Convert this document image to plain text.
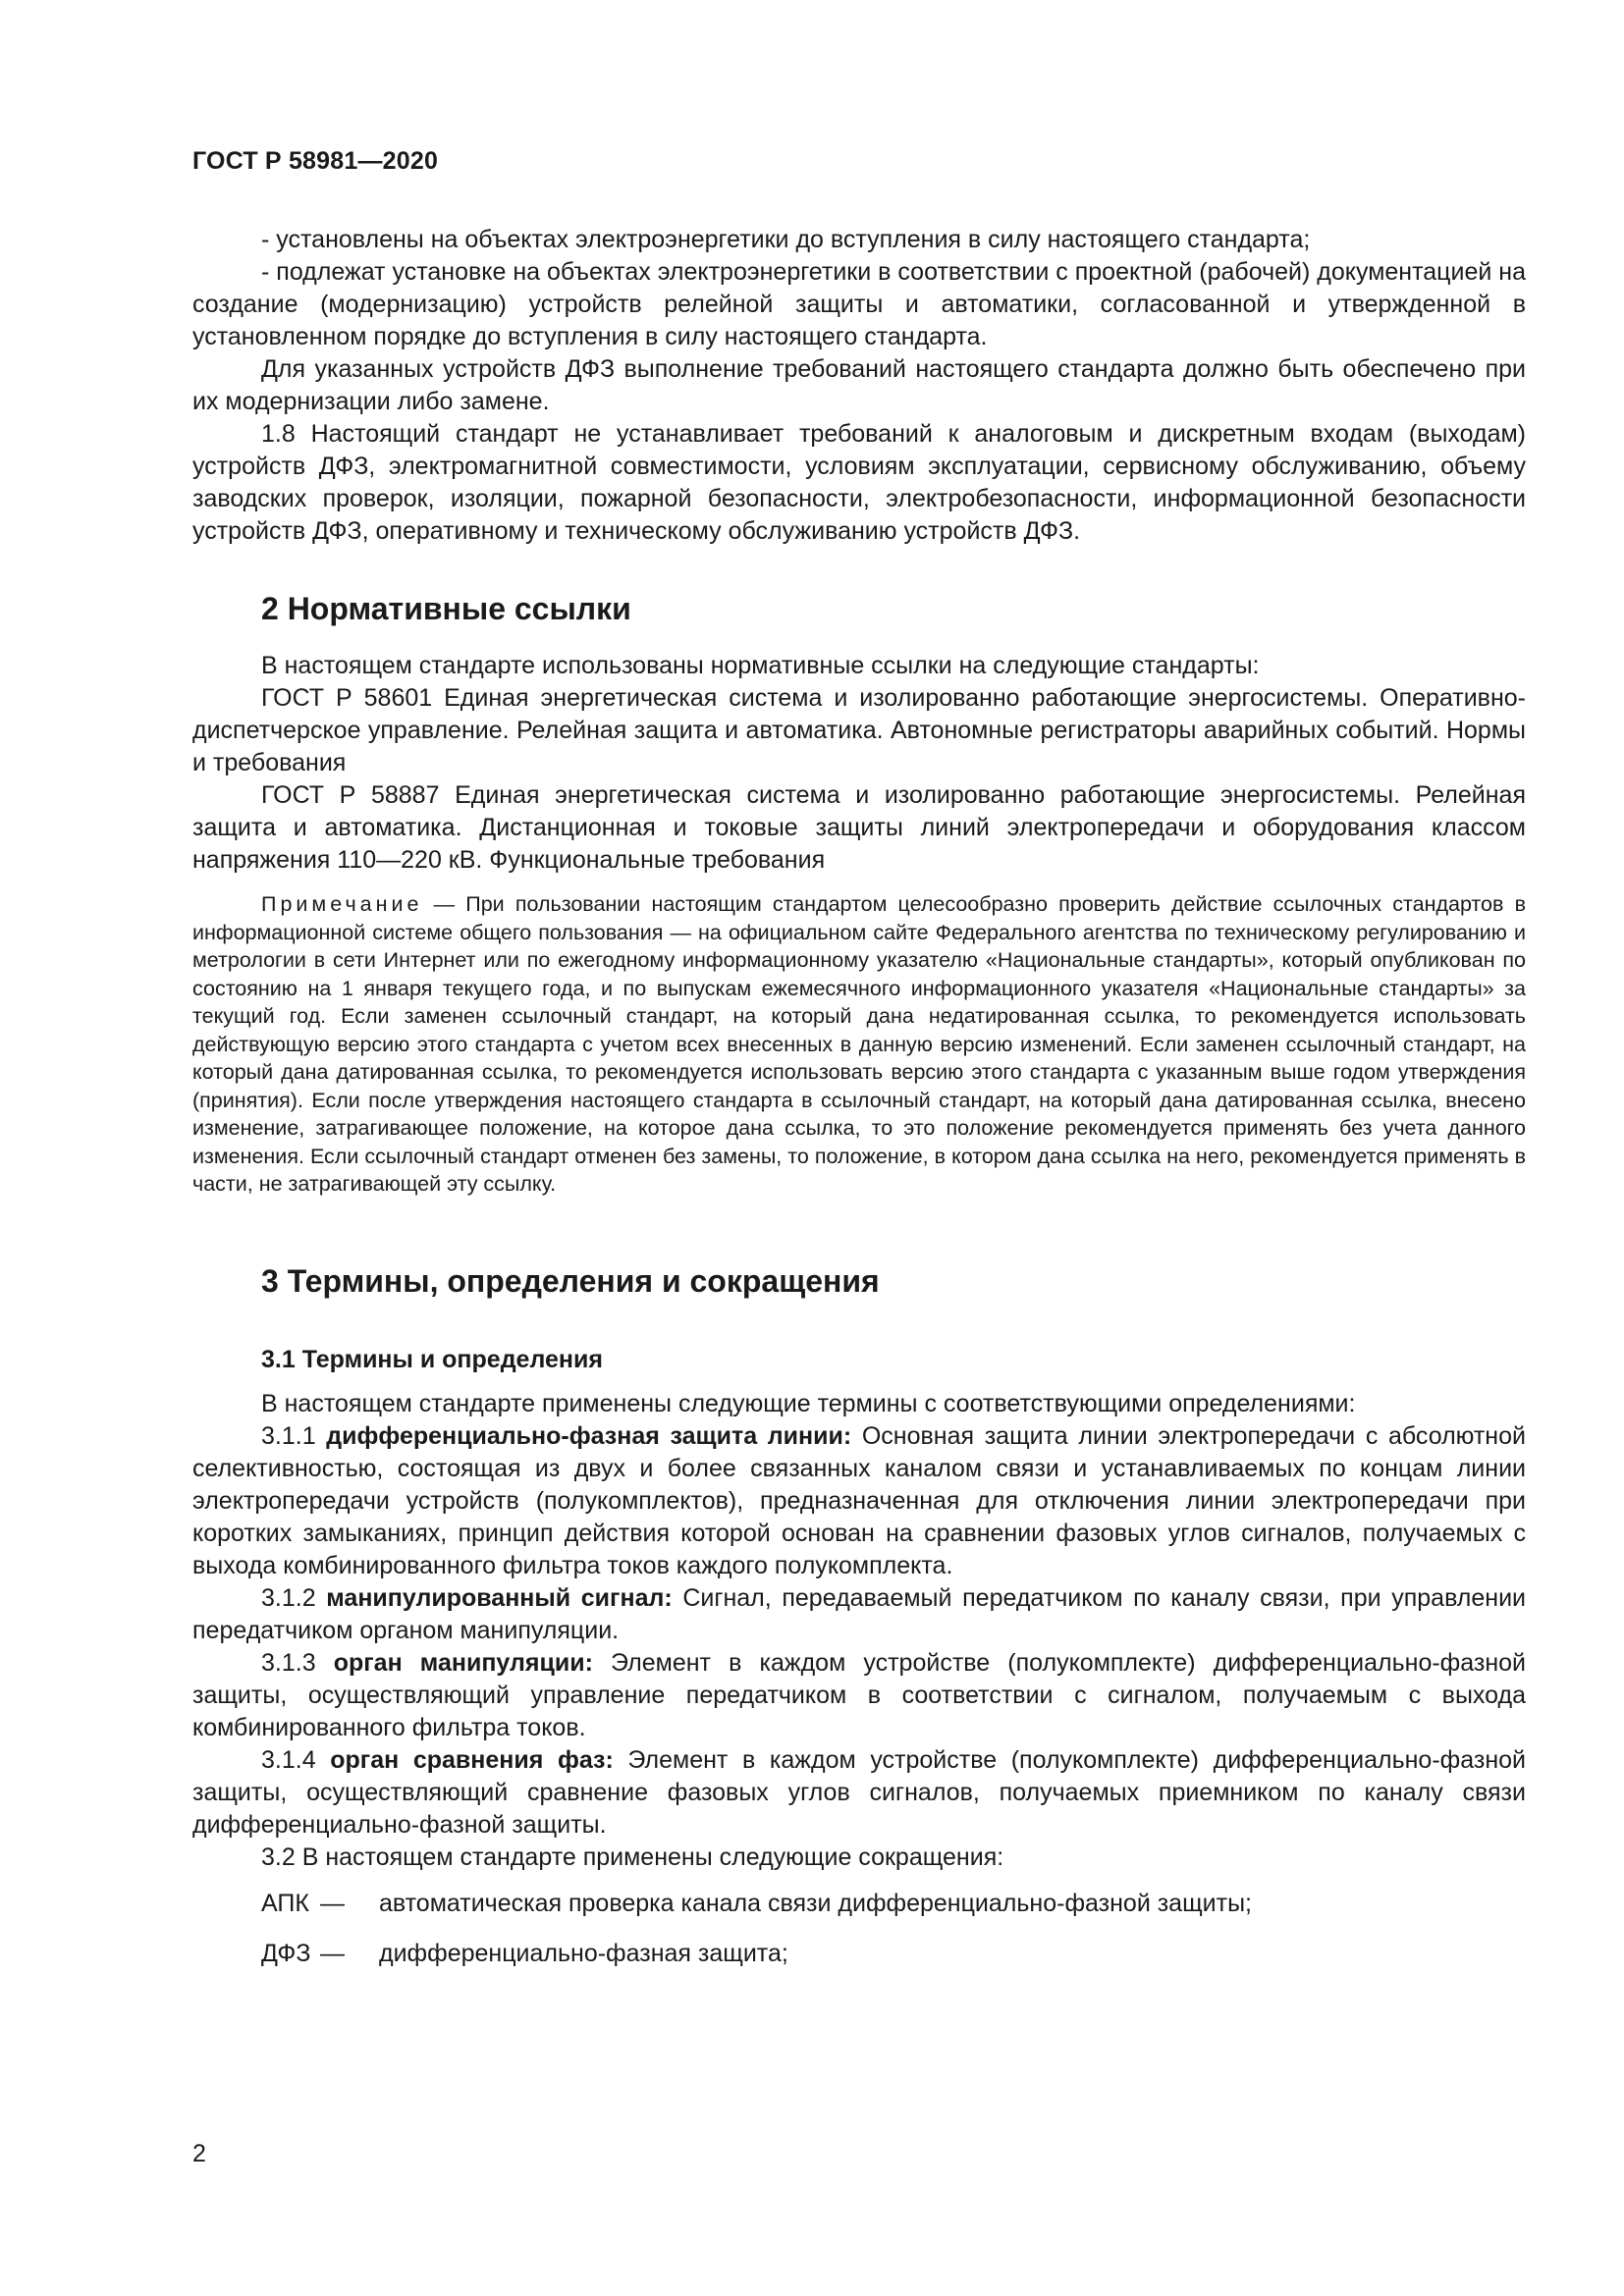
ГОСТ Р 58981—2020

- установлены на объектах электроэнергетики до вступления в силу настоящего стандарта;

- подлежат установке на объектах электроэнергетики в соответствии с проектной (рабочей) документацией на создание (модернизацию) устройств релейной защиты и автоматики, согласованной и утвержденной в установленном порядке до вступления в силу настоящего стандарта.

Для указанных устройств ДФЗ выполнение требований настоящего стандарта должно быть обеспечено при их модернизации либо замене.

1.8 Настоящий стандарт не устанавливает требований к аналоговым и дискретным входам (выходам) устройств ДФЗ, электромагнитной совместимости, условиям эксплуатации, сервисному обслуживанию, объему заводских проверок, изоляции, пожарной безопасности, электробезопасности, информационной безопасности устройств ДФЗ, оперативному и техническому обслуживанию устройств ДФЗ.

2 Нормативные ссылки

В настоящем стандарте использованы нормативные ссылки на следующие стандарты:

ГОСТ Р 58601 Единая энергетическая система и изолированно работающие энергосистемы. Оперативно-диспетчерское управление. Релейная защита и автоматика. Автономные регистраторы аварийных событий. Нормы и требования

ГОСТ Р 58887 Единая энергетическая система и изолированно работающие энергосистемы. Релейная защита и автоматика. Дистанционная и токовые защиты линий электропередачи и оборудования классом напряжения 110—220 кВ. Функциональные требования

Примечание — При пользовании настоящим стандартом целесообразно проверить действие ссылочных стандартов в информационной системе общего пользования — на официальном сайте Федерального агентства по техническому регулированию и метрологии в сети Интернет или по ежегодному информационному указателю «Национальные стандарты», который опубликован по состоянию на 1 января текущего года, и по выпускам ежемесячного информационного указателя «Национальные стандарты» за текущий год. Если заменен ссылочный стандарт, на который дана недатированная ссылка, то рекомендуется использовать действующую версию этого стандарта с учетом всех внесенных в данную версию изменений. Если заменен ссылочный стандарт, на который дана датированная ссылка, то рекомендуется использовать версию этого стандарта с указанным выше годом утверждения (принятия). Если после утверждения настоящего стандарта в ссылочный стандарт, на который дана датированная ссылка, внесено изменение, затрагивающее положение, на которое дана ссылка, то это положение рекомендуется применять без учета данного изменения. Если ссылочный стандарт отменен без замены, то положение, в котором дана ссылка на него, рекомендуется применять в части, не затрагивающей эту ссылку.
3 Термины, определения и сокращения
3.1 Термины и определения

В настоящем стандарте применены следующие термины с соответствующими определениями:

3.1.1 дифференциально-фазная защита линии: Основная защита линии электропередачи с абсолютной селективностью, состоящая из двух и более связанных каналом связи и устанавливаемых по концам линии электропередачи устройств (полукомплектов), предназначенная для отключения линии электропередачи при коротких замыканиях, принцип действия которой основан на сравнении фазовых углов сигналов, получаемых с выхода комбинированного фильтра токов каждого полукомплекта.

3.1.2 манипулированный сигнал: Сигнал, передаваемый передатчиком по каналу связи, при управлении передатчиком органом манипуляции.

3.1.3 орган манипуляции: Элемент в каждом устройстве (полукомплекте) дифференциально-фазной защиты, осуществляющий управление передатчиком в соответствии с сигналом, получаемым с выхода комбинированного фильтра токов.

3.1.4 орган сравнения фаз: Элемент в каждом устройстве (полукомплекте) дифференциально-фазной защиты, осуществляющий сравнение фазовых углов сигналов, получаемых приемником по каналу связи дифференциально-фазной защиты.

3.2 В настоящем стандарте применены следующие сокращения:

АПК —	автоматическая проверка канала связи дифференциально-фазной защиты;
ДФЗ —	дифференциально-фазная защита;
2
